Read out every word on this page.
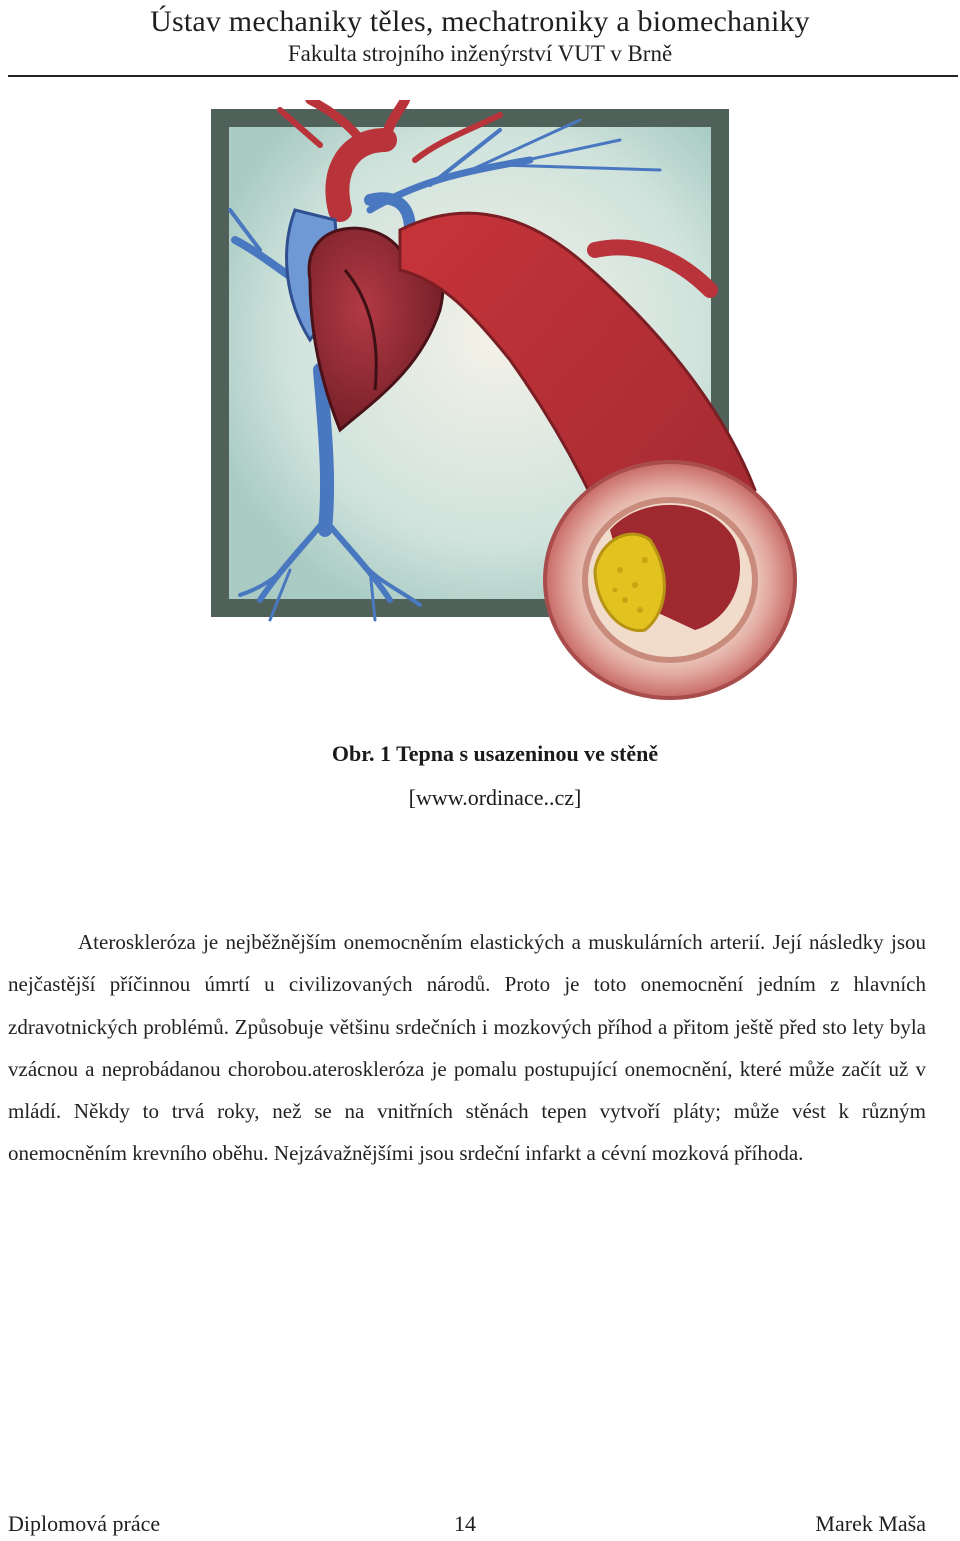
Ústav mechaniky těles, mechatroniky a biomechaniky
Fakulta strojního inženýrství VUT v Brně
Obr. 1 Tepna s usazeninou ve stěně
[www.ordinace..cz]

Ateroskleróza je nejběžnějším onemocněním elastických a muskulárních arterií. Její následky jsou nejčastější příčinnou úmrtí u civilizovaných národů. Proto je toto onemocnění jedním z hlavních zdravotnických problémů. Způsobuje většinu srdečních i mozkových příhod a přitom ještě před sto lety byla vzácnou a neprobádanou chorobou.ateroskleróza je pomalu postupující onemocnění, které může začít už v mládí. Někdy to trvá roky, než se na vnitřních stěnách tepen vytvoří pláty; může vést k různým onemocněním krevního oběhu. Nejzávažnějšími jsou srdeční infarkt a cévní mozková příhoda.

Diplomová práce	14	Marek Maša
